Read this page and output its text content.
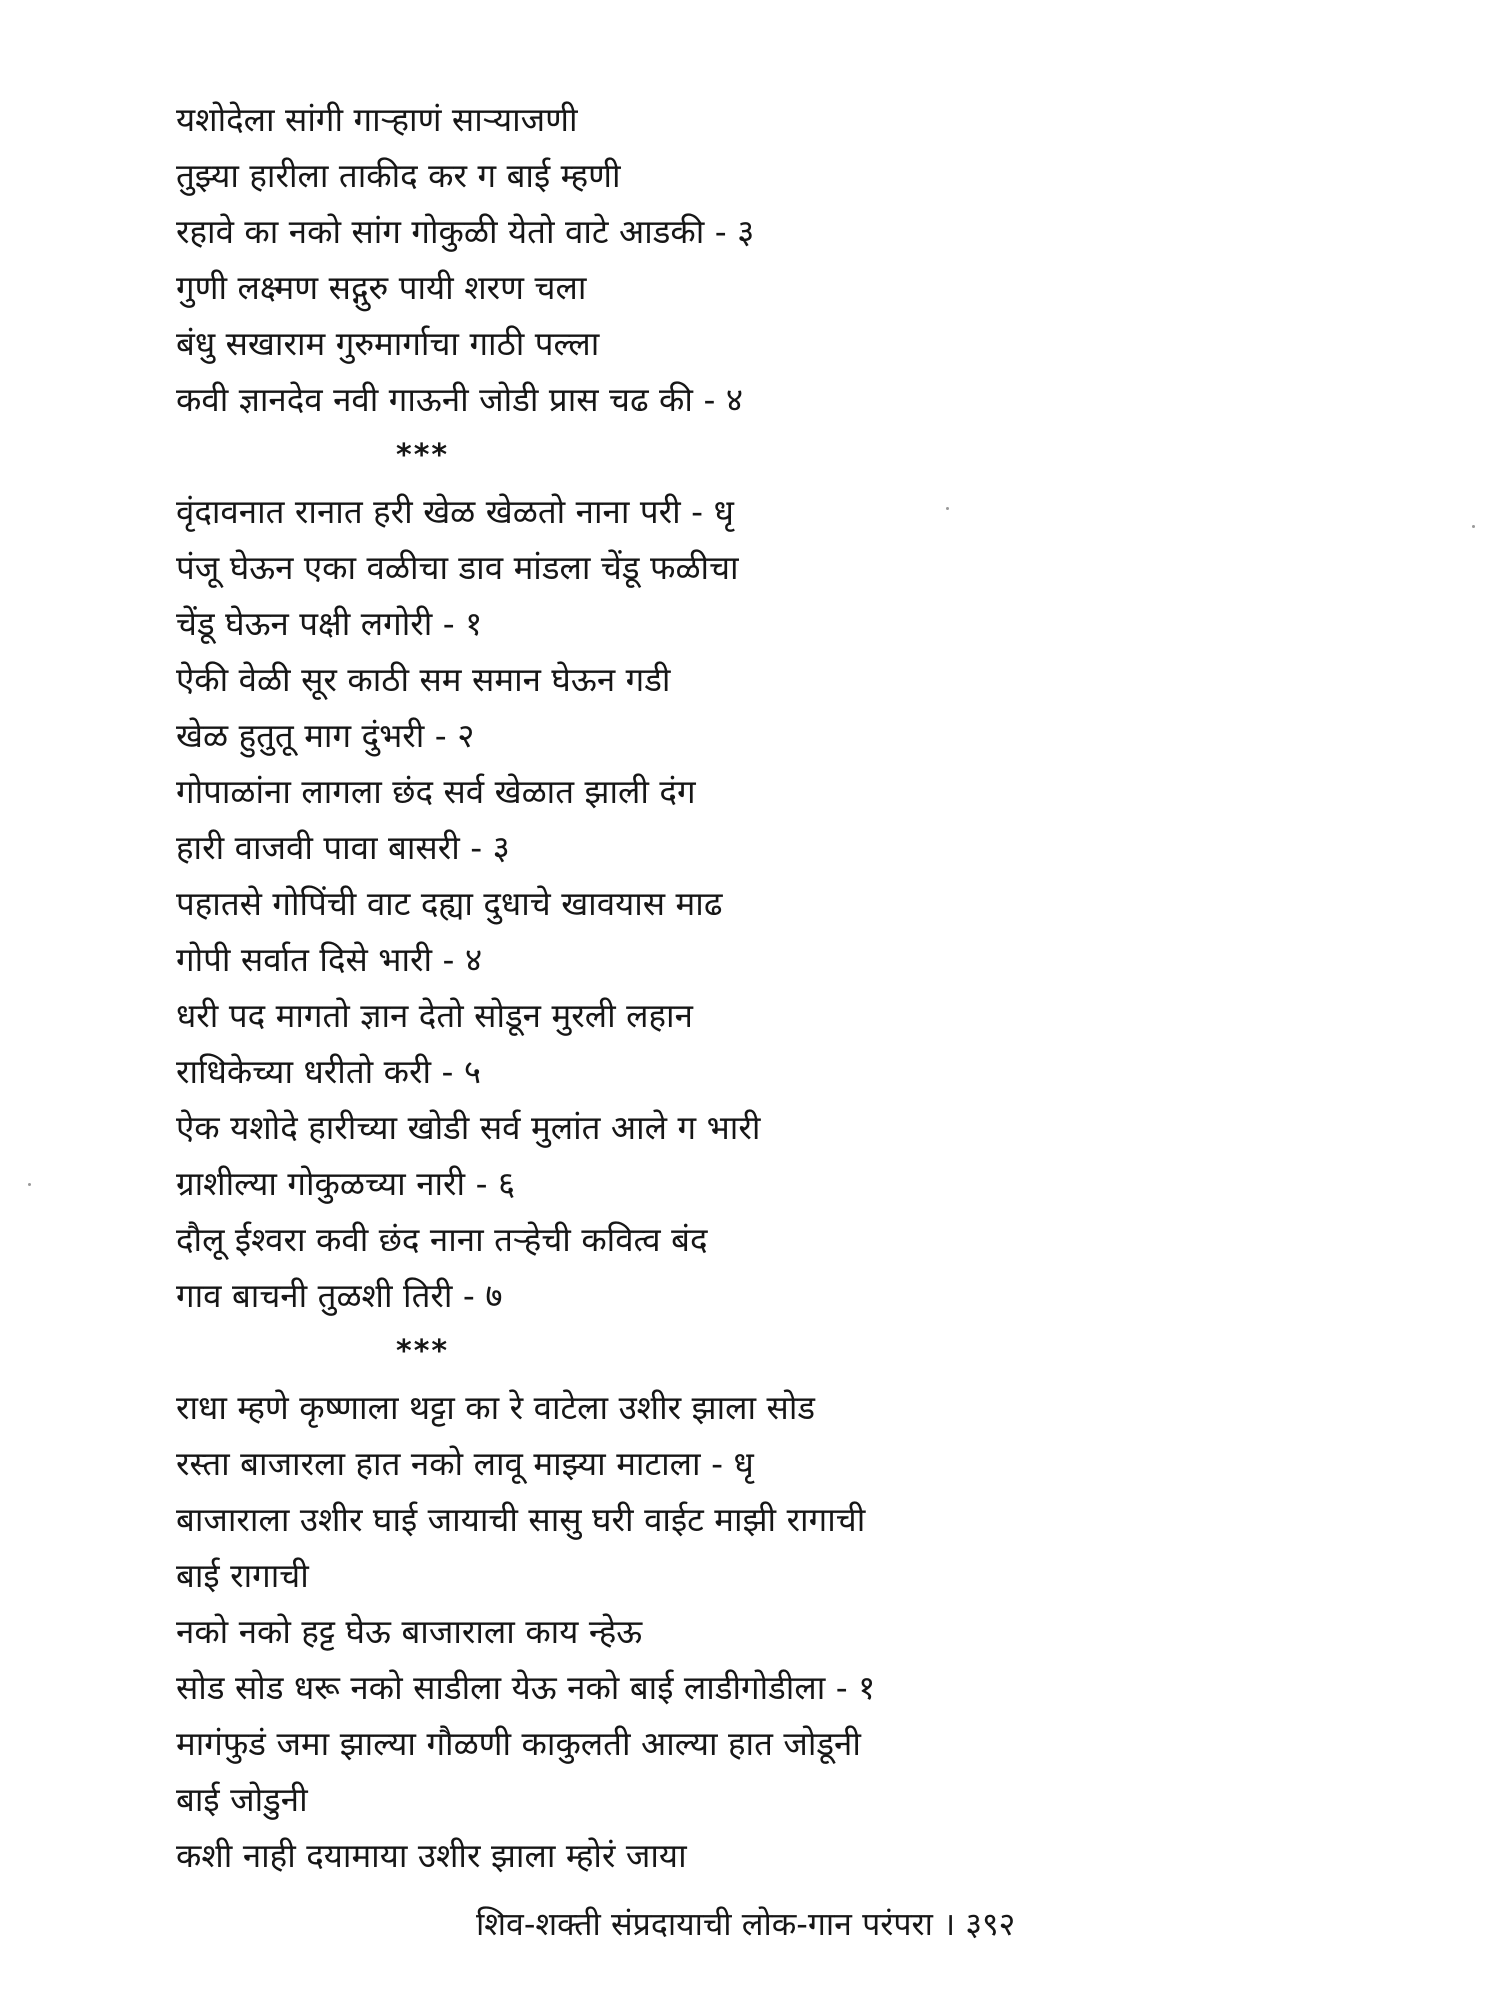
यशोदेला सांगी गाऱ्हाणं साऱ्याजणी
तुझ्या हारीला ताकीद कर ग बाई म्हणी
रहावे का नको सांग गोकुळी येतो वाटे आडकी - ३
गुणी लक्ष्मण सद्गुरु पायी शरण चला
बंधु सखाराम गुरुमार्गाचा गाठी पल्ला
कवी ज्ञानदेव नवी गाऊनी जोडी प्रास चढ की - ४
***
वृंदावनात रानात हरी खेळ खेळतो नाना परी - धृ
पंजू घेऊन एका वळीचा डाव मांडला चेंडू फळीचा
चेंडू घेऊन पक्षी लगोरी - १
ऐकी वेळी सूर काठी सम समान घेऊन गडी
खेळ हुतुतू माग दुंभरी - २
गोपाळांना लागला छंद सर्व खेळात झाली दंग
हारी वाजवी पावा बासरी - ३
पहातसे गोपिंची वाट दह्या दुधाचे खावयास माढ
गोपी सर्वात दिसे भारी - ४
धरी पद मागतो ज्ञान देतो सोडून मुरली लहान
राधिकेच्या धरीतो करी - ५
ऐक यशोदे हारीच्या खोडी सर्व मुलांत आले ग भारी
ग्राशील्या गोकुळच्या नारी - ६
दौलू ईश्वरा कवी छंद नाना तऱ्हेची कवित्व बंद
गाव बाचनी तुळशी तिरी - ७
***
राधा म्हणे कृष्णाला थट्टा का रे वाटेला उशीर झाला सोड
रस्ता बाजारला हात नको लावू माझ्या माटाला - धृ
बाजाराला उशीर घाई जायाची सासु घरी वाईट माझी रागाची
बाई रागाची
नको नको हट्ट घेऊ बाजाराला काय न्हेऊ
सोड सोड धरू नको साडीला येऊ नको बाई लाडीगोडीला - १
मागंफुडं जमा झाल्या गौळणी काकुलती आल्या हात जोडूनी
बाई जोडुनी
कशी नाही दयामाया उशीर झाला म्होरं जाया
शिव-शक्ती संप्रदायाची लोक-गान परंपरा । ३९२
